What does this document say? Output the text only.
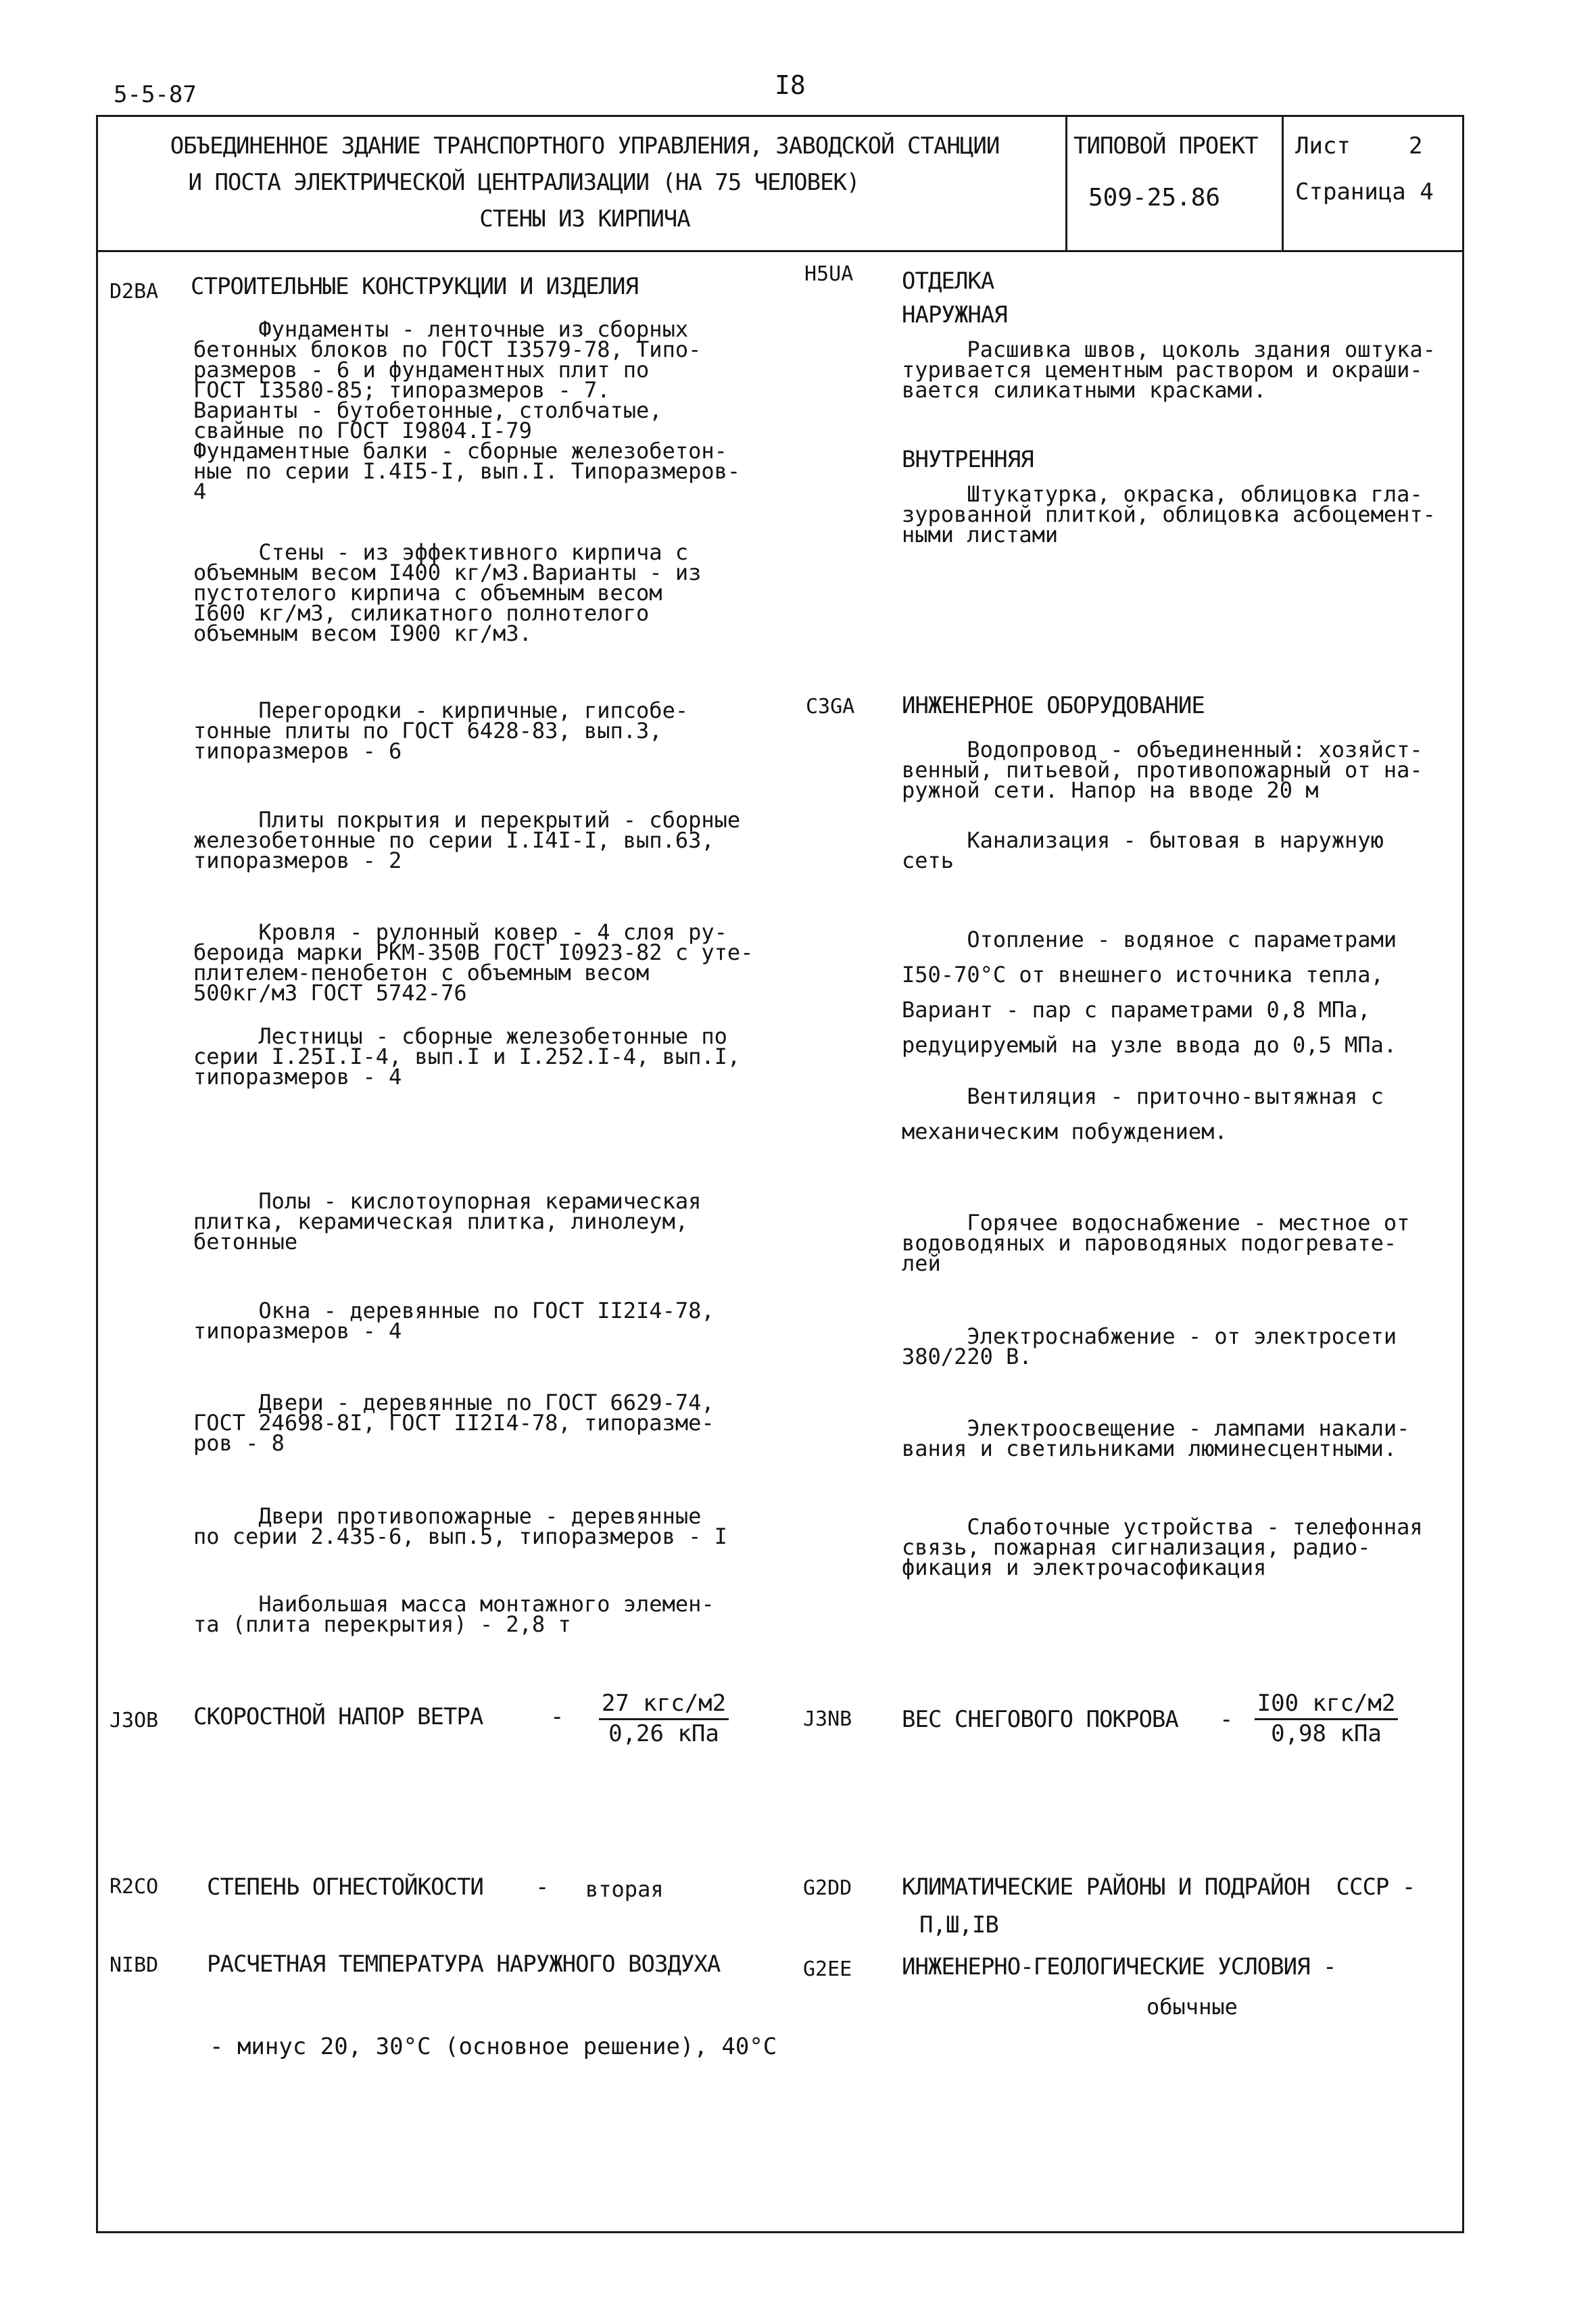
5-5-87	I8
ОБЪЕДИНЕННОЕ ЗДАНИЕ ТРАНСПОРТНОГО УПРАВЛЕНИЯ, ЗАВОДСКОЙ СТАНЦИИ
И ПОСТА ЭЛЕКТРИЧЕСКОЙ ЦЕНТРАЛИЗАЦИИ (НА 75 ЧЕЛОВЕК)
СТЕНЫ ИЗ КИРПИЧА
ТИПОВОЙ ПРОЕКТ
509-25.86
Лист	2
Страница 4
D2BA СТРОИТЕЛЬНЫЕ КОНСТРУКЦИИ И ИЗДЕЛИЯ
Фундаменты - ленточные из сборных
бетонных блоков по ГОСТ I3579-78, Типо-
размеров - 6 и фундаментных плит по
ГОСТ I3580-85; типоразмеров - 7.
Варианты - бутобетонные, столбчатые,
свайные по ГОСТ I9804.I-79
Фундаментные балки - сборные железобетон-
ные по серии I.4I5-I, вып.I. Типоразмеров-
4
Стены - из эффективного кирпича с
объемным весом I400 кг/м3.Варианты - из
пустотелого кирпича с объемным весом
I600 кг/м3, силикатного полнотелого
объемным весом I900 кг/м3.
Перегородки - кирпичные, гипсобе-
тонные плиты по ГОСТ 6428-83, вып.3,
типоразмеров - 6
Плиты покрытия и перекрытий - сборные
железобетонные по серии I.I4I-I, вып.63,
типоразмеров - 2
Кровля - рулонный ковер - 4 слоя ру-
бероида марки РКМ-350В ГОСТ I0923-82 с уте-
плителем-пенобетон с объемным весом
500кг/м3 ГОСТ 5742-76
Лестницы - сборные железобетонные по
серии I.25I.I-4, вып.I и I.252.I-4, вып.I,
типоразмеров - 4
Полы - кислотоупорная керамическая
плитка, керамическая плитка, линолеум,
бетонные
Окна - деревянные по ГОСТ II2I4-78,
типоразмеров - 4
Двери - деревянные по ГОСТ 6629-74,
ГОСТ 24698-8I, ГОСТ II2I4-78, типоразме-
ров - 8
Двери противопожарные - деревянные
по серии 2.435-6, вып.5, типоразмеров - I
Наибольшая масса монтажного элемен-
та (плита перекрытия) - 2,8 т
H5UA ОТДЕЛКА
НАРУЖНАЯ
Расшивка швов, цоколь здания оштука-
туривается цементным раствором и окраши-
вается силикатными красками.
ВНУТРЕННЯЯ
Штукатурка, окраска, облицовка гла-
зурованной плиткой, облицовка асбоцемент-
ными листами
C3GA ИНЖЕНЕРНОЕ ОБОРУДОВАНИЕ
Водопровод - объединенный: хозяйст-
венный, питьевой, противопожарный от на-
ружной сети. Напор на вводе 20 м
Канализация - бытовая в наружную
сеть
Отопление - водяное с параметрами
I50-70°С от внешнего источника тепла,
Вариант - пар с параметрами 0,8 МПа,
редуцируемый на узле ввода до 0,5 МПа.
Вентиляция - приточно-вытяжная с
механическим побуждением.
Горячее водоснабжение - местное от
водоводяных и пароводяных подогревате-
лей
Электроснабжение - от электросети
380/220 В.
Электроосвещение - лампами накали-
вания и светильниками люминесцентными.
Слаботочные устройства - телефонная
связь, пожарная сигнализация, радио-
фикация и электрочасофикация
J3OB СКОРОСТНОЙ НАПОР ВЕТРА	-	27 кгс/м2
0,26 кПа
J3NB ВЕС СНЕГОВОГО ПОКРОВА -
I00 кгс/м2
0,98 кПа
R2CO СТЕПЕНЬ ОГНЕСТОЙКОСТИ - вторая	G2DD КЛИМАТИЧЕСКИЕ РАЙОНЫ И ПОДРАЙОН  СССР -
П,Ш,IВ
NIBD РАСЧЕТНАЯ ТЕМПЕРАТУРА НАРУЖНОГО ВОЗДУХА
- минус 20, 30°С (основное решение), 40°С
G2EE ИНЖЕНЕРНО-ГЕОЛОГИЧЕСКИЕ УСЛОВИЯ -
обычные
